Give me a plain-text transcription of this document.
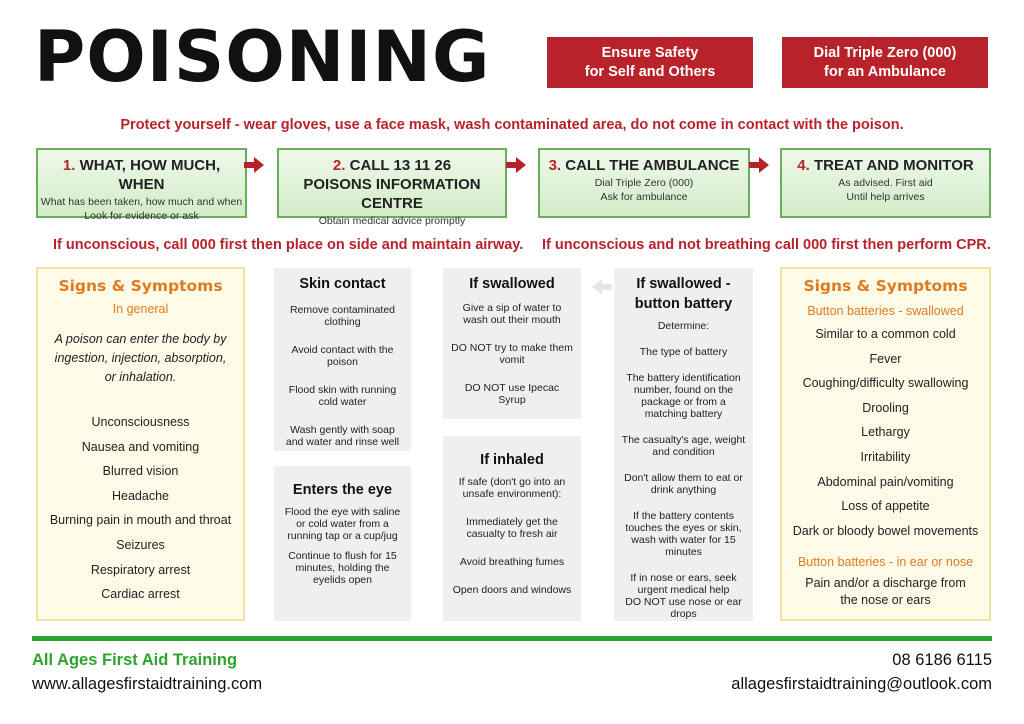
POISONING	Ensure Safety
for Self and Others
Dial Triple Zero (000)
for an Ambulance
Protect yourself - wear gloves, use a face mask, wash contaminated area, do not come in contact with the poison.
1. WHAT, HOW MUCH, WHEN
What has been taken, how much and when
Look for evidence or ask
2. CALL 13 11 26
POISONS INFORMATION CENTRE
Obtain medical advice promptly
3. CALL THE AMBULANCE
Dial Triple Zero (000)
Ask for ambulance
4. TREAT AND MONITOR
As advised. First aid
Until help arrives
If unconscious, call 000 first then place on side and maintain airway. If unconscious and not breathing call 000 first then perform CPR.
Signs & Symptoms
In general
A poison can enter the body by ingestion, injection, absorption, or inhalation.
Unconsciousness
Nausea and vomiting
Blurred vision
Headache
Burning pain in mouth and throat
Seizures
Respiratory arrest
Cardiac arrest
Skin contact
Remove contaminated clothing
Avoid contact with the poison
Flood skin with running cold water
Wash gently with soap and water and rinse well
Enters the eye
Flood the eye with saline or cold water from a running tap or a cup/jug
Continue to flush for 15 minutes, holding the eyelids open
If swallowed
Give a sip of water to wash out their mouth
DO NOT try to make them vomit
DO NOT use Ipecac Syrup
If inhaled
If safe (don't go into an unsafe environment):
Immediately get the casualty to fresh air
Avoid breathing fumes
Open doors and windows
If swallowed - button battery
Determine:
The type of battery
The battery identification number, found on the package or from a matching battery
The casualty's age, weight and condition
Don't allow them to eat or drink anything
If the battery contents touches the eyes or skin, wash with water for 15 minutes
If in nose or ears, seek urgent medical help
DO NOT use nose or ear drops
Signs & Symptoms
Button batteries - swallowed
Similar to a common cold
Fever
Coughing/difficulty swallowing
Drooling
Lethargy
Irritability
Abdominal pain/vomiting
Loss of appetite
Dark or bloody bowel movements
Button batteries - in ear or nose
Pain and/or a discharge from the nose or ears
All Ages First Aid Training
www.allagesfirstaidtraining.com
08 6186 6115
allagesfirstaidtraining@outlook.com
